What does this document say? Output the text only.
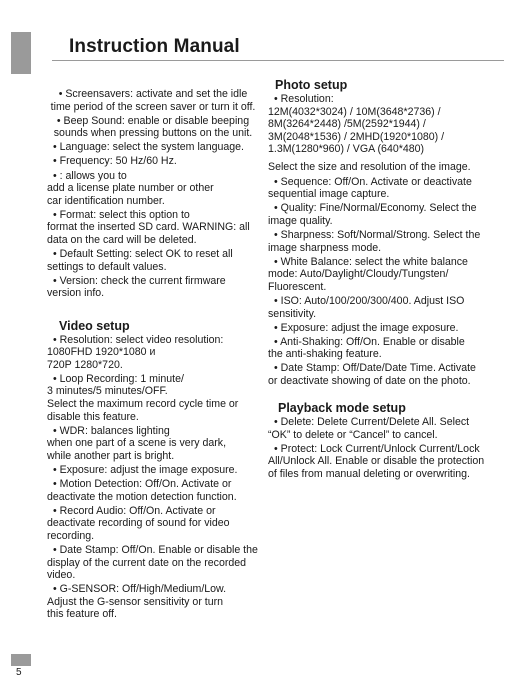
Instruction Manual

• Screensavers: activate and set the idle
time period of the screen saver or turn it off.

• Beep Sound: enable or disable beeping
sounds when pressing buttons on the unit.

• Language: select the system language.

• Frequency: 50 Hz/60 Hz.

• : allows you to
add a license plate number or other
car identification number.

• Format: select this option to
format the inserted SD card. WARNING: all
data on the card will be deleted.

• Default Setting: select OK to reset all
settings to default values.

• Version: check the current firmware
version info.

Video setup

• Resolution: select video resolution:
1080FHD 1920*1080 и
720P 1280*720.

• Loop Recording: 1 minute/
3 minutes/5 minutes/OFF.
Select the maximum record cycle time or
disable this feature.

• WDR: balances lighting
when one part of a scene is very dark,
while another part is bright.

• Exposure: adjust the image exposure.

• Motion Detection: Off/On. Activate or
deactivate the motion detection function.

• Record Audio: Off/On. Activate or
deactivate recording of sound for video
recording.

• Date Stamp: Off/On. Enable or disable the
display of the current date on the recorded
video.

• G-SENSOR: Off/High/Medium/Low.
Adjust the G-sensor sensitivity or turn
this feature off.

Photo setup

• Resolution:
12M(4032*3024) / 10M(3648*2736) /
8M(3264*2448) /5M(2592*1944) /
3M(2048*1536) / 2MHD(1920*1080) /
1.3M(1280*960) / VGA (640*480)

Select the size and resolution of the image.

• Sequence: Off/On. Activate or deactivate
sequential image capture.

• Quality: Fine/Normal/Economy. Select the
image quality.

• Sharpness: Soft/Normal/Strong. Select the
image sharpness mode.

• White Balance: select the white balance
mode: Auto/Daylight/Cloudy/Tungsten/
Fluorescent.

• ISO: Auto/100/200/300/400. Adjust ISO
sensitivity.

• Exposure: adjust the image exposure.

• Anti-Shaking: Off/On. Enable or disable
the anti-shaking feature.

• Date Stamp: Off/Date/Date Time. Activate
or deactivate showing of date on the photo.

Playback mode setup

• Delete: Delete Current/Delete All. Select
“OK” to delete or “Cancel” to cancel.

• Protect: Lock Current/Unlock Current/Lock
All/Unlock All. Enable or disable the protection
of files from manual deleting or overwriting.

5
